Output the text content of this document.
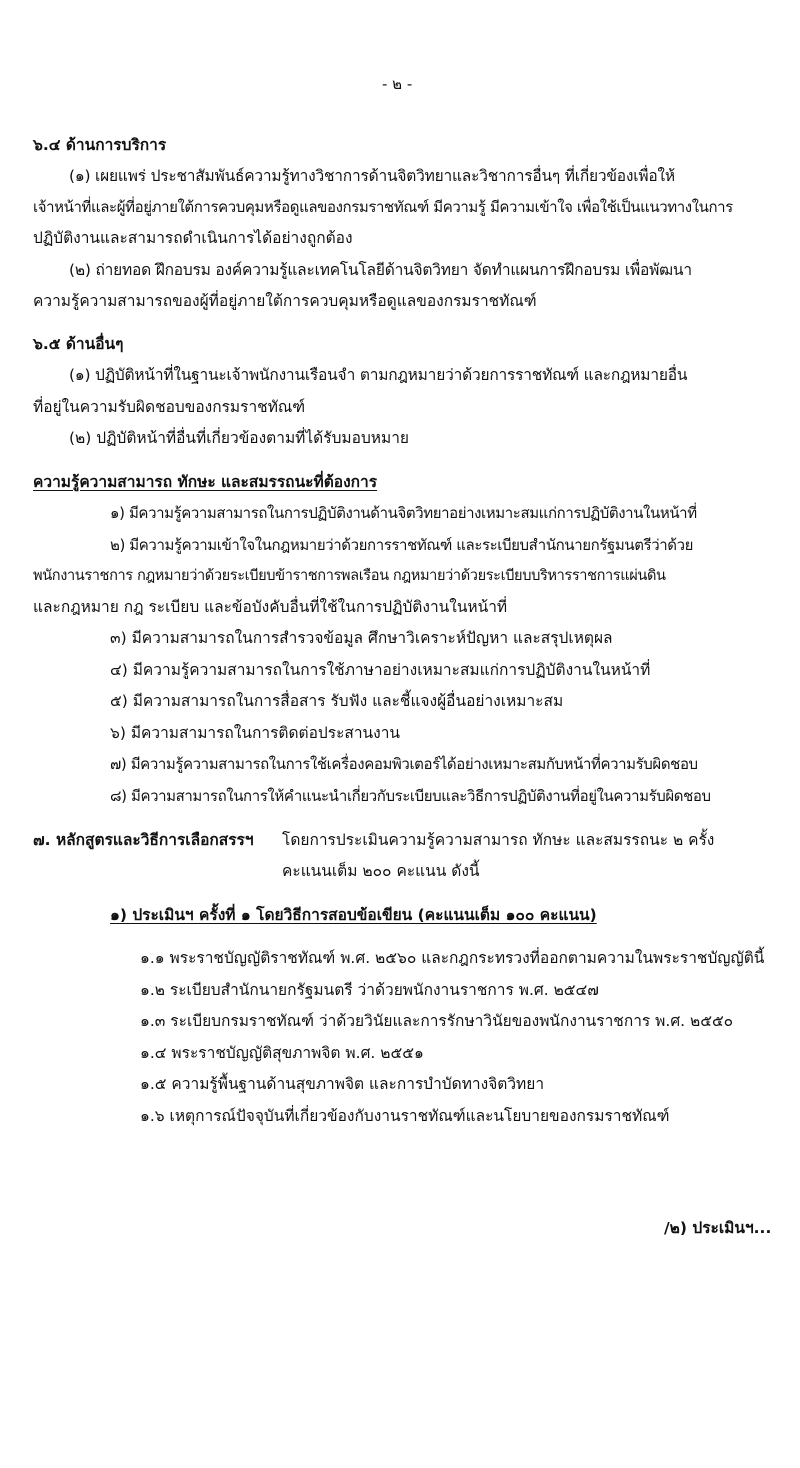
- ๒ -
๖.๔ ด้านการบริการ
(๑) เผยแพร่ ประชาสัมพันธ์ความรู้ทางวิชาการด้านจิตวิทยาและวิชาการอื่นๆ ที่เกี่ยวข้องเพื่อให้
เจ้าหน้าที่และผู้ที่อยู่ภายใต้การควบคุมหรือดูแลของกรมราชทัณฑ์ มีความรู้ มีความเข้าใจ เพื่อใช้เป็นแนวทางในการ
ปฏิบัติงานและสามารถดำเนินการได้อย่างถูกต้อง
(๒) ถ่ายทอด ฝึกอบรม องค์ความรู้และเทคโนโลยีด้านจิตวิทยา จัดทำแผนการฝึกอบรม เพื่อพัฒนา
ความรู้ความสามารถของผู้ที่อยู่ภายใต้การควบคุมหรือดูแลของกรมราชทัณฑ์
๖.๕ ด้านอื่นๆ
(๑) ปฏิบัติหน้าที่ในฐานะเจ้าพนักงานเรือนจำ ตามกฎหมายว่าด้วยการราชทัณฑ์ และกฎหมายอื่น
ที่อยู่ในความรับผิดชอบของกรมราชทัณฑ์
(๒) ปฏิบัติหน้าที่อื่นที่เกี่ยวข้องตามที่ได้รับมอบหมาย
ความรู้ความสามารถ ทักษะ และสมรรถนะที่ต้องการ
๑) มีความรู้ความสามารถในการปฏิบัติงานด้านจิตวิทยาอย่างเหมาะสมแก่การปฏิบัติงานในหน้าที่
๒) มีความรู้ความเข้าใจในกฎหมายว่าด้วยการราชทัณฑ์ และระเบียบสำนักนายกรัฐมนตรีว่าด้วย
พนักงานราชการ กฎหมายว่าด้วยระเบียบข้าราชการพลเรือน กฎหมายว่าด้วยระเบียบบริหารราชการแผ่นดิน
และกฎหมาย กฎ ระเบียบ และข้อบังคับอื่นที่ใช้ในการปฏิบัติงานในหน้าที่
๓) มีความสามารถในการสำรวจข้อมูล ศึกษาวิเคราะห์ปัญหา และสรุปเหตุผล
๔) มีความรู้ความสามารถในการใช้ภาษาอย่างเหมาะสมแก่การปฏิบัติงานในหน้าที่
๕) มีความสามารถในการสื่อสาร รับฟัง และชี้แจงผู้อื่นอย่างเหมาะสม
๖) มีความสามารถในการติดต่อประสานงาน
๗) มีความรู้ความสามารถในการใช้เครื่องคอมพิวเตอร์ได้อย่างเหมาะสมกับหน้าที่ความรับผิดชอบ
๘) มีความสามารถในการให้คำแนะนำเกี่ยวกับระเบียบและวิธีการปฏิบัติงานที่อยู่ในความรับผิดชอบ
๗. หลักสูตรและวิธีการเลือกสรรฯ โดยการประเมินความรู้ความสามารถ ทักษะ และสมรรถนะ ๒ ครั้ง
คะแนนเต็ม ๒๐๐ คะแนน ดังนี้
๑) ประเมินฯ ครั้งที่ ๑ โดยวิธีการสอบข้อเขียน (คะแนนเต็ม ๑๐๐ คะแนน)
๑.๑ พระราชบัญญัติราชทัณฑ์ พ.ศ. ๒๕๖๐ และกฎกระทรวงที่ออกตามความในพระราชบัญญัตินี้
๑.๒ ระเบียบสำนักนายกรัฐมนตรี ว่าด้วยพนักงานราชการ พ.ศ. ๒๕๔๗
๑.๓ ระเบียบกรมราชทัณฑ์ ว่าด้วยวินัยและการรักษาวินัยของพนักงานราชการ พ.ศ. ๒๕๕๐
๑.๔ พระราชบัญญัติสุขภาพจิต พ.ศ. ๒๕๕๑
๑.๕ ความรู้พื้นฐานด้านสุขภาพจิต และการบำบัดทางจิตวิทยา
๑.๖ เหตุการณ์ปัจจุบันที่เกี่ยวข้องกับงานราชทัณฑ์และนโยบายของกรมราชทัณฑ์
/๒) ประเมินฯ...
